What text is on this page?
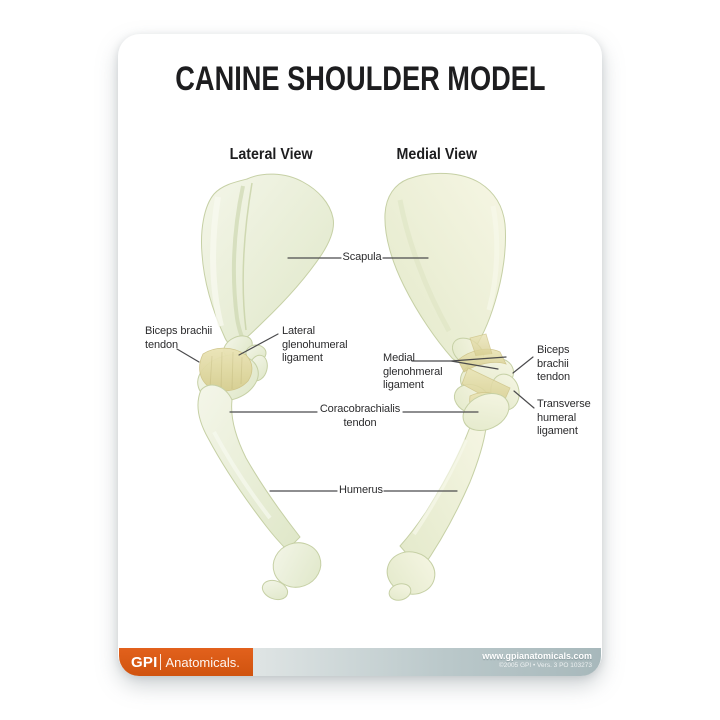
CANINE SHOULDER MODEL
Lateral View	Medial View
Scapula
Biceps brachii
tendon
Lateral
glenohumeral
ligament	Medial
glenohmeral
ligament
Biceps
brachii
tendon
Transverse
humeral
ligament
Coracobrachialis
tendon
Humerus
GPI Anatomicals.	www.gpianatomicals.com
©2005 GPI • Vers. 3 PO 103273
